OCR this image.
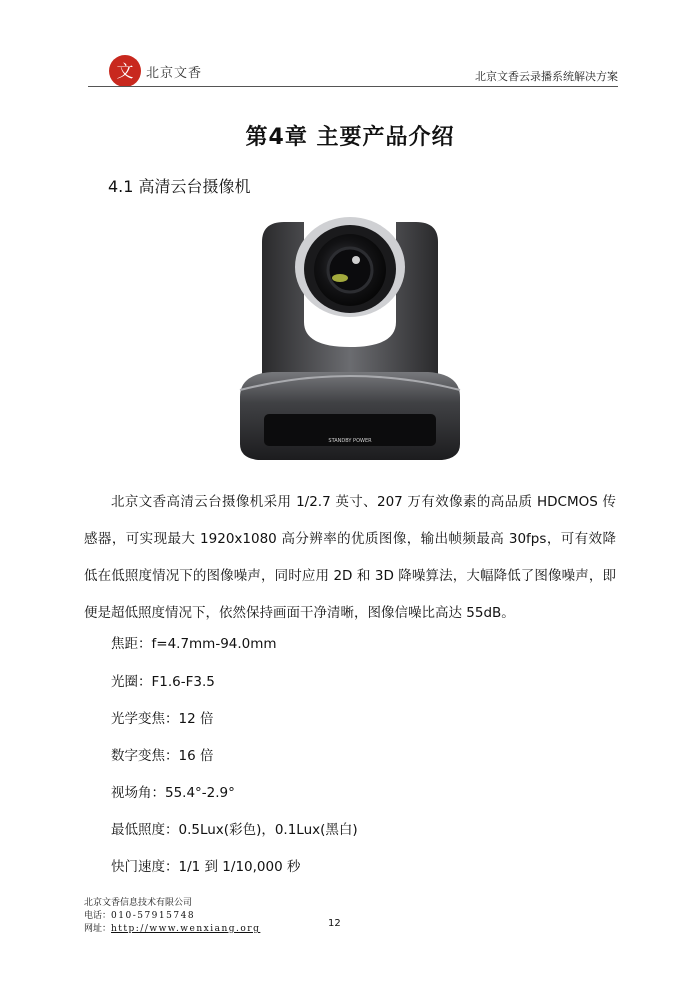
文 北京文香	北京文香云录播系统解决方案
第4章 主要产品介绍
4.1 高清云台摄像机
STANDBY POWER
北京文香高清云台摄像机采用 1/2.7 英寸、207 万有效像素的高品质 HDCMOS 传感器，可实现最大 1920x1080 高分辨率的优质图像，输出帧频最高 30fps，可有效降低在低照度情况下的图像噪声，同时应用 2D 和 3D 降噪算法，大幅降低了图像噪声，即便是超低照度情况下，依然保持画面干净清晰，图像信噪比高达 55dB。
焦距：f=4.7mm-94.0mm
光圈：F1.6-F3.5
光学变焦：12 倍
数字变焦：16 倍
视场角：55.4°-2.9°
最低照度：0.5Lux(彩色)，0.1Lux(黑白)
快门速度：1/1 到 1/10,000 秒
北京文香信息技术有限公司
电话：010-57915748
网址：http://www.wenxiang.org	12
